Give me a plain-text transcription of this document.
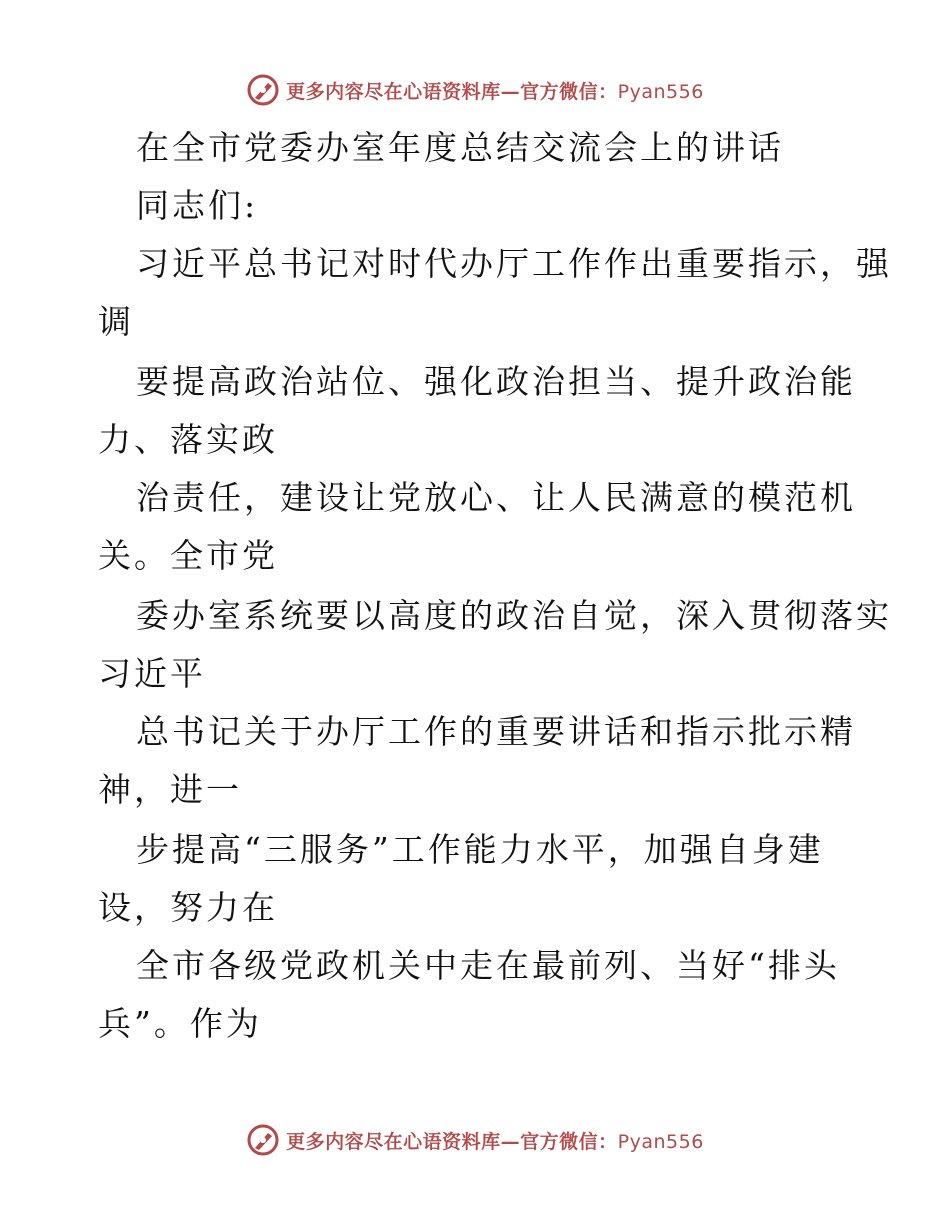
更多内容尽在心语资料库—官方微信：Pyan556
在全市党委办室年度总结交流会上的讲话
同志们:
习近平总书记对时代办厅工作作出重要指示，强
调
要提高政治站位、强化政治担当、提升政治能
力、落实政
治责任，建设让党放心、让人民满意的模范机
关。全市党
委办室系统要以高度的政治自觉，深入贯彻落实
习近平
总书记关于办厅工作的重要讲话和指示批示精
神，进一
步提高“三服务”工作能力水平，加强自身建
设，努力在
全市各级党政机关中走在最前列、当好“排头
兵”。作为
更多内容尽在心语资料库—官方微信：Pyan556
